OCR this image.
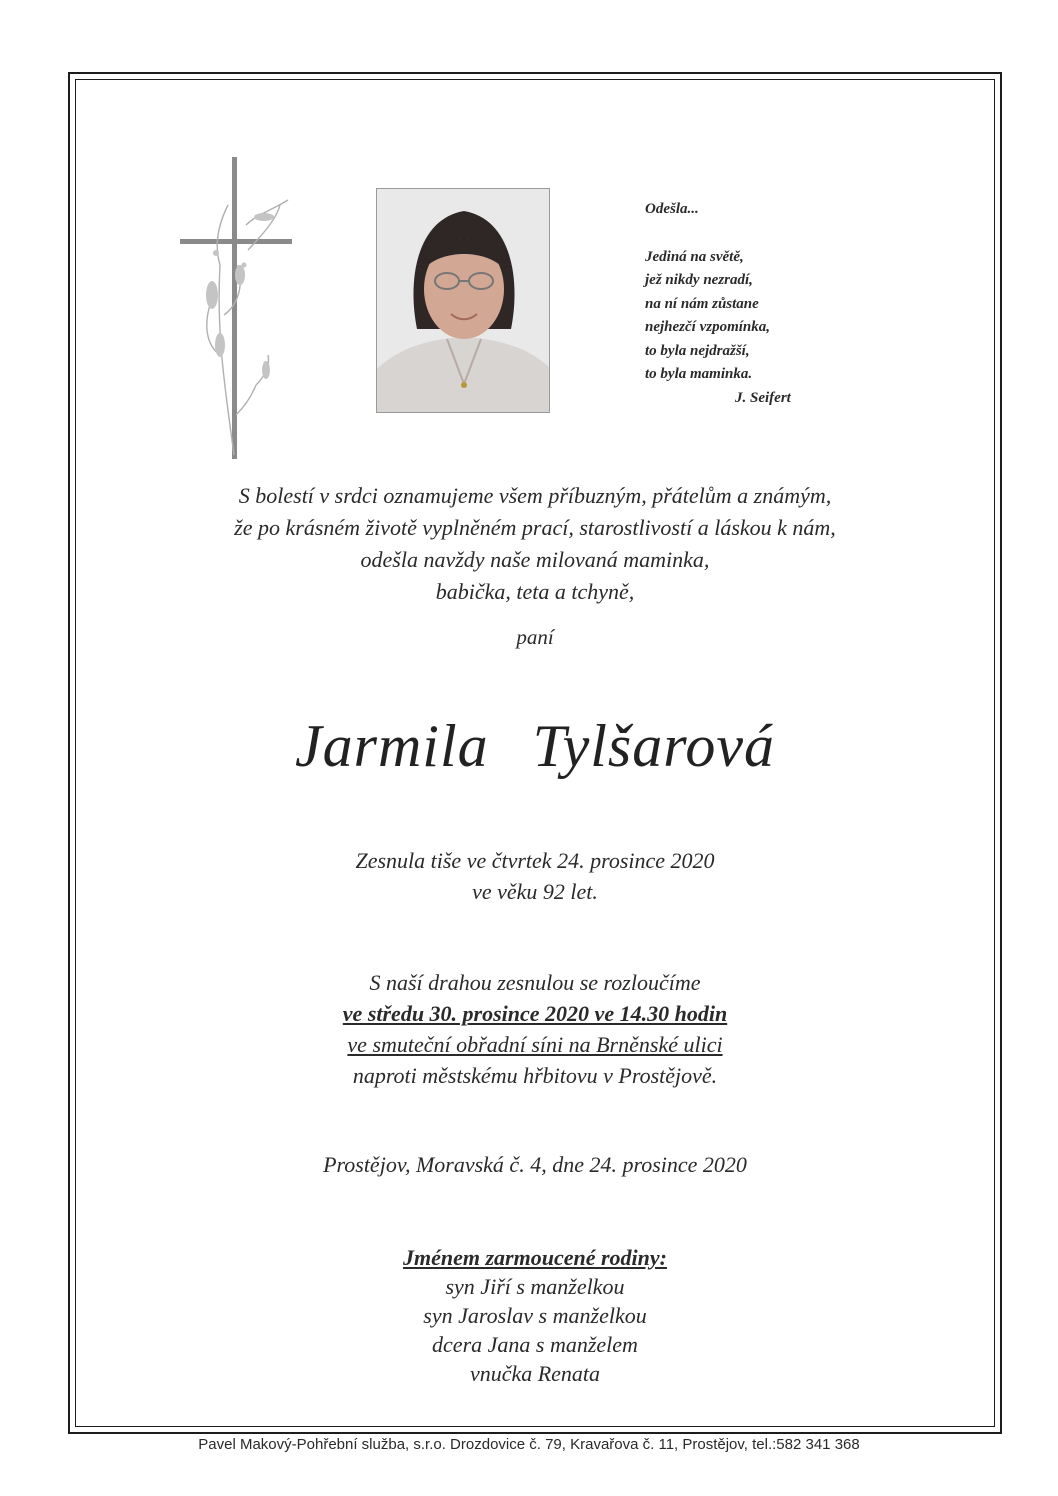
Odešla...
Jediná na světě,
jež nikdy nezradí,
na ní nám zůstane
nejhezčí vzpomínka,
to byla nejdražší,
to byla maminka.
J. Seifert
S bolestí v srdci oznamujeme všem příbuzným, přátelům a známým,
že po krásném životě vyplněném prací, starostlivostí a láskou k nám,
odešla navždy naše milovaná maminka,
babička, teta a tchyně,
paní
Jarmila Tylšarová
Zesnula tiše ve čtvrtek 24. prosince 2020
ve věku 92 let.
S naší drahou zesnulou se rozloučíme
ve středu 30. prosince 2020 ve 14.30 hodin
ve smuteční obřadní síni na Brněnské ulici
naproti městskému hřbitovu v Prostějově.
Prostějov, Moravská č. 4, dne 24. prosince 2020
Jménem zarmoucené rodiny:
syn Jiří s manželkou
syn Jaroslav s manželkou
dcera Jana s manželem
vnučka Renata
Pavel Makový-Pohřební služba, s.r.o. Drozdovice č. 79, Kravařova č. 11, Prostějov, tel.:582 341 368
